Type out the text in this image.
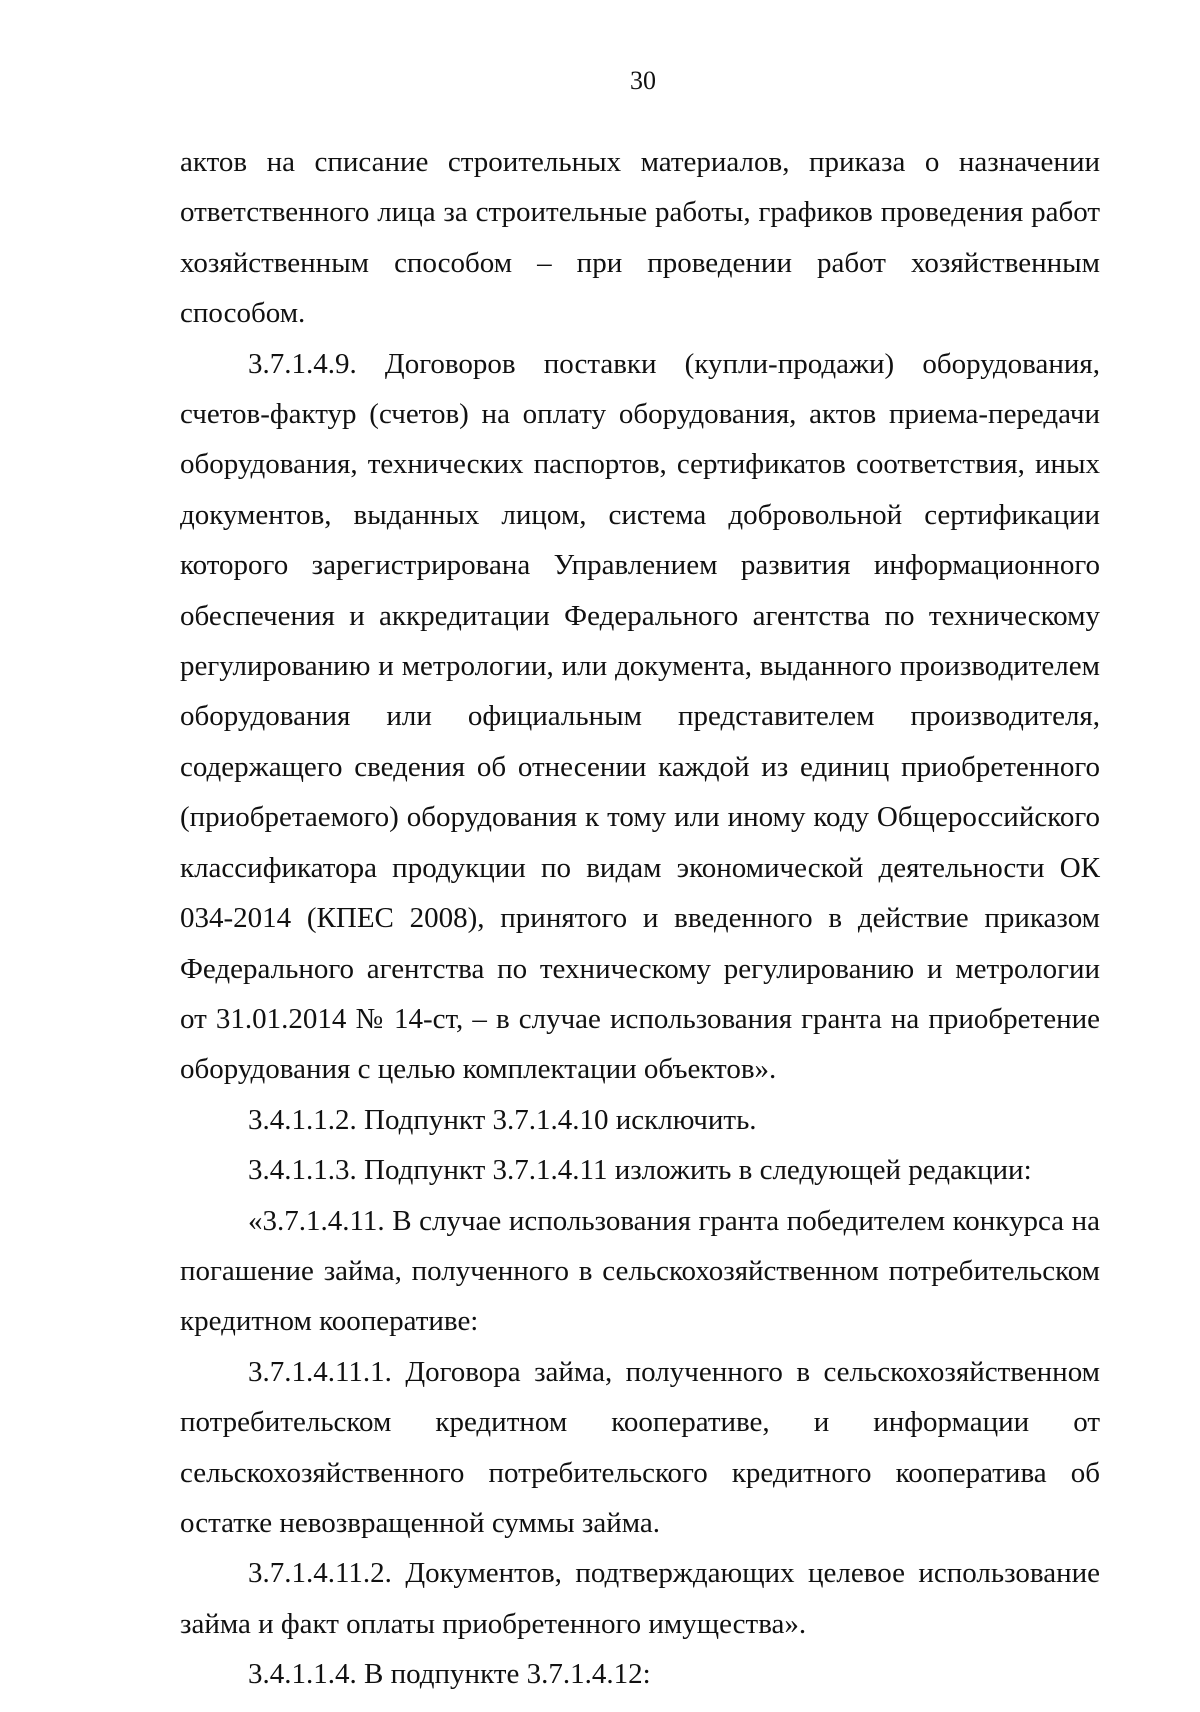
30

актов на списание строительных материалов, приказа о назначении ответственного лица за строительные работы, графиков проведения работ хозяйственным способом – при проведении работ хозяйственным способом.

3.7.1.4.9. Договоров поставки (купли-продажи) оборудования, счетов-фактур (счетов) на оплату оборудования, актов приема-передачи оборудования, технических паспортов, сертификатов соответствия, иных документов, выданных лицом, система добровольной сертификации которого зарегистрирована Управлением развития информационного обеспечения и аккредитации Федерального агентства по техническому регулированию и метрологии, или документа, выданного производителем оборудования или официальным представителем производителя, содержащего сведения об отнесении каждой из единиц приобретенного (приобретаемого) оборудования к тому или иному коду Общероссийского классификатора продукции по видам экономической деятельности ОК 034-2014 (КПЕС 2008), принятого и введенного в действие приказом Федерального агентства по техническому регулированию и метрологии от 31.01.2014 № 14-ст, – в случае использования гранта на приобретение оборудования с целью комплектации объектов».

3.4.1.1.2. Подпункт 3.7.1.4.10 исключить.

3.4.1.1.3. Подпункт 3.7.1.4.11 изложить в следующей редакции:

«3.7.1.4.11. В случае использования гранта победителем конкурса на погашение займа, полученного в сельскохозяйственном потребительском кредитном кооперативе:

3.7.1.4.11.1. Договора займа, полученного в сельскохозяйственном потребительском кредитном кооперативе, и информации от сельскохозяйственного потребительского кредитного кооператива об остатке невозвращенной суммы займа.

3.7.1.4.11.2. Документов, подтверждающих целевое использование займа и факт оплаты приобретенного имущества».

3.4.1.1.4. В подпункте 3.7.1.4.12:
